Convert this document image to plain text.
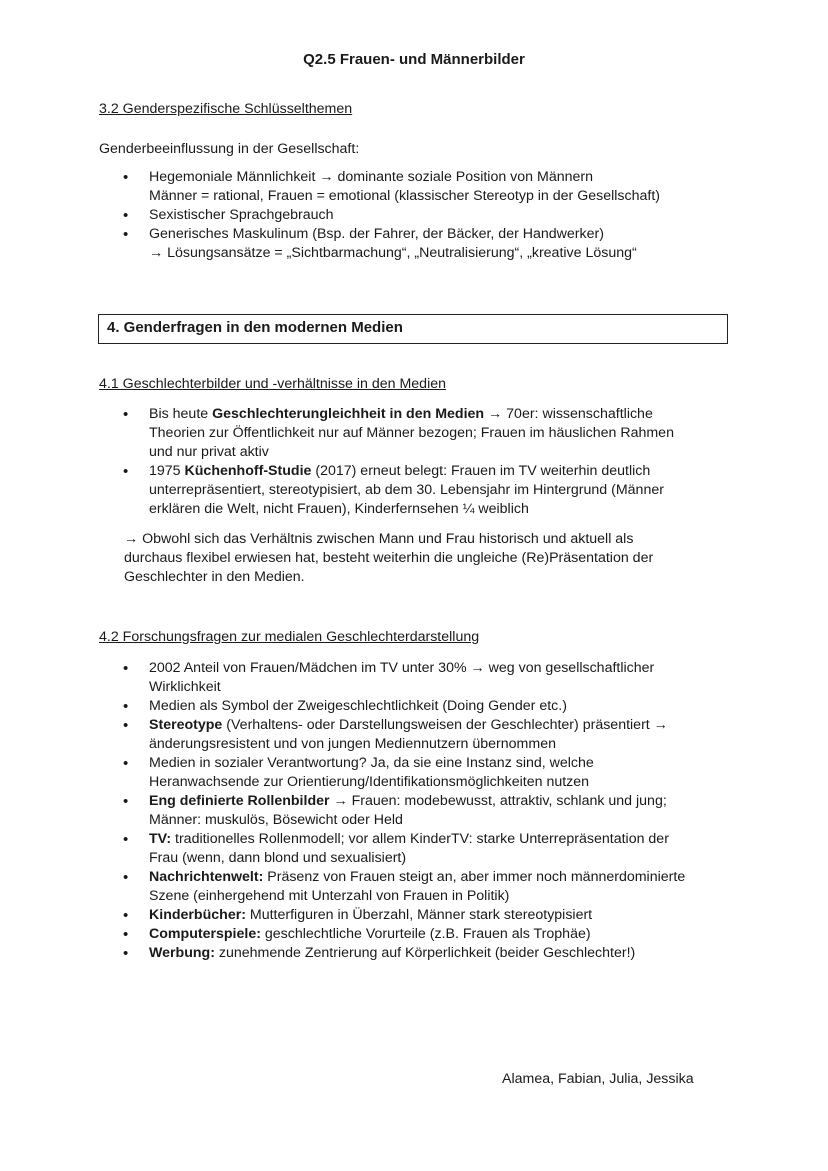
Q2.5 Frauen- und Männerbilder
3.2 Genderspezifische Schlüsselthemen
Genderbeeinflussung in der Gesellschaft:
• Hegemoniale Männlichkeit → dominante soziale Position von Männern
Männer = rational, Frauen = emotional (klassischer Stereotyp in der Gesellschaft)
• Sexistischer Sprachgebrauch
• Generisches Maskulinum (Bsp. der Fahrer, der Bäcker, der Handwerker)
→ Lösungsansätze = „Sichtbarmachung“, „Neutralisierung“, „kreative Lösung“
4. Genderfragen in den modernen Medien
4.1 Geschlechterbilder und -verhältnisse in den Medien
• Bis heute Geschlechterungleichheit in den Medien → 70er: wissenschaftliche
Theorien zur Öffentlichkeit nur auf Männer bezogen; Frauen im häuslichen Rahmen
und nur privat aktiv
• 1975 Küchenhoff-Studie (2017) erneut belegt: Frauen im TV weiterhin deutlich
unterrepräsentiert, stereotypisiert, ab dem 30. Lebensjahr im Hintergrund (Männer
erklären die Welt, nicht Frauen), Kinderfernsehen ¼ weiblich
→ Obwohl sich das Verhältnis zwischen Mann und Frau historisch und aktuell als
durchaus flexibel erwiesen hat, besteht weiterhin die ungleiche (Re)Präsentation der
Geschlechter in den Medien.
4.2 Forschungsfragen zur medialen Geschlechterdarstellung
• 2002 Anteil von Frauen/Mädchen im TV unter 30% → weg von gesellschaftlicher
Wirklichkeit
• Medien als Symbol der Zweigeschlechtlichkeit (Doing Gender etc.)
• Stereotype (Verhaltens- oder Darstellungsweisen der Geschlechter) präsentiert →
änderungsresistent und von jungen Mediennutzern übernommen
• Medien in sozialer Verantwortung? Ja, da sie eine Instanz sind, welche
Heranwachsende zur Orientierung/Identifikationsmöglichkeiten nutzen
• Eng definierte Rollenbilder → Frauen: modebewusst, attraktiv, schlank und jung;
Männer: muskulös, Bösewicht oder Held
• TV: traditionelles Rollenmodell; vor allem KinderTV: starke Unterrepräsentation der
Frau (wenn, dann blond und sexualisiert)
• Nachrichtenwelt: Präsenz von Frauen steigt an, aber immer noch männerdominierte
Szene (einhergehend mit Unterzahl von Frauen in Politik)
• Kinderbücher: Mutterfiguren in Überzahl, Männer stark stereotypisiert
• Computerspiele: geschlechtliche Vorurteile (z.B. Frauen als Trophäe)
• Werbung: zunehmende Zentrierung auf Körperlichkeit (beider Geschlechter!)
Alamea, Fabian, Julia, Jessika
